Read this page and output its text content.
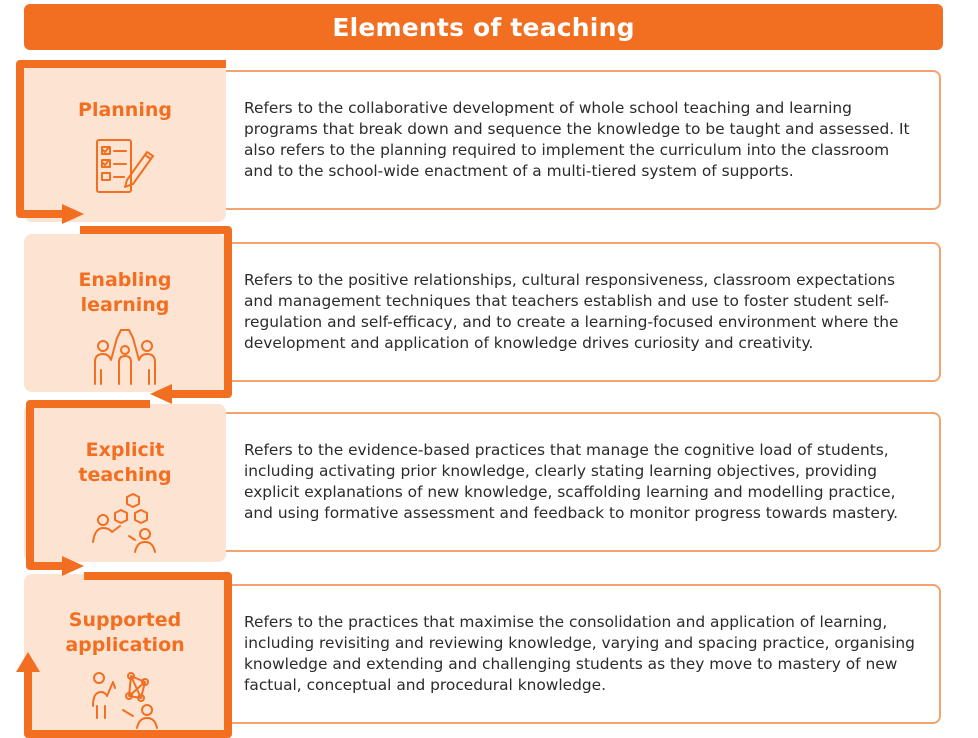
Elements of teaching
Planning	Refers to the collaborative development of whole school teaching and learning programs that break down and sequence the knowledge to be taught and assessed. It also refers to the planning required to implement the curriculum into the classroom and to the school-wide enactment of a multi-tiered system of supports.
Enabling
learning
Refers to the positive relationships, cultural responsiveness, classroom expectations and management techniques that teachers establish and use to foster student self-regulation and self-efficacy, and to create a learning-focused environment where the development and application of knowledge drives curiosity and creativity.
Explicit
teaching
Refers to the evidence-based practices that manage the cognitive load of students, including activating prior knowledge, clearly stating learning objectives, providing explicit explanations of new knowledge, scaffolding learning and modelling practice, and using formative assessment and feedback to monitor progress towards mastery.
Supported
application
Refers to the practices that maximise the consolidation and application of learning, including revisiting and reviewing knowledge, varying and spacing practice, organising knowledge and extending and challenging students as they move to mastery of new factual, conceptual and procedural knowledge.
